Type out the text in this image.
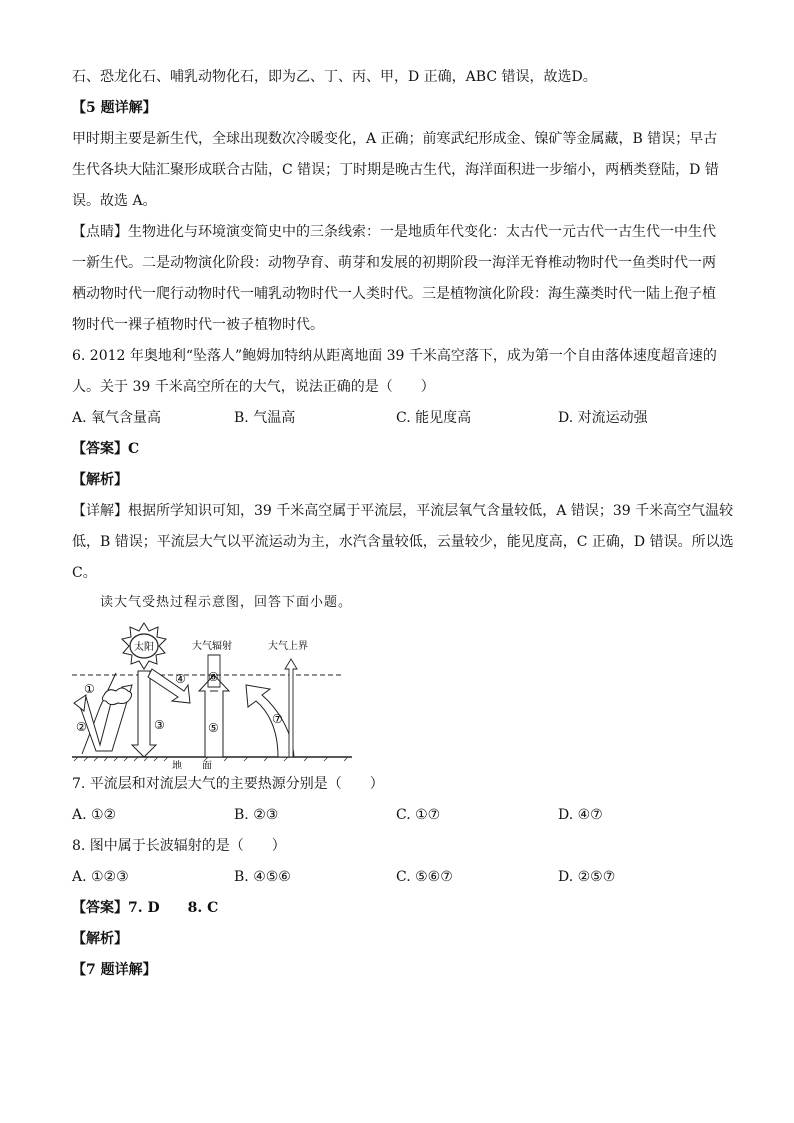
石、恐龙化石、哺乳动物化石，即为乙、丁、丙、甲，D 正确，ABC 错误，故选D。
【5 题详解】
甲时期主要是新生代，全球出现数次冷暖变化，A 正确；前寒武纪形成金、镍矿等金属藏，B 错误；早古
生代各块大陆汇聚形成联合古陆，C 错误；丁时期是晚古生代，海洋面积进一步缩小，两栖类登陆，D 错
误。故选 A。
【点睛】生物进化与环境演变简史中的三条线索：一是地质年代变化：太古代一元古代一古生代一中生代
一新生代。二是动物演化阶段：动物孕育、萌芽和发展的初期阶段一海洋无脊椎动物时代一鱼类时代一两
栖动物时代一爬行动物时代一哺乳动物时代一人类时代。三是植物演化阶段：海生藻类时代一陆上孢子植
物时代一裸子植物时代一被子植物时代。
6. 2012 年奥地利“坠落人”鲍姆加特纳从距离地面 39 千米高空落下，成为第一个自由落体速度超音速的
人。关于 39 千米高空所在的大气，说法正确的是（　　）
A. 氧气含量高	B. 气温高	C. 能见度高	D. 对流运动强
【答案】C
【解析】
【详解】根据所学知识可知，39 千米高空属于平流层，平流层氧气含量较低，A 错误；39 千米高空气温较
低，B 错误；平流层大气以平流运动为主，水汽含量较低，云量较少，能见度高，C 正确，D 错误。所以选
C。
读大气受热过程示意图，回答下面小题。
太阳	大气辐射	大气上界
地　　面
①
②	③
④
⑤
⑥
⑦
7. 平流层和对流层大气的主要热源分别是（　　）
A. ①②	B. ②③	C. ①⑦	D. ④⑦
8. 图中属于长波辐射的是（　　）
A. ①②③	B. ④⑤⑥	C. ⑤⑥⑦	D. ②⑤⑦
【答案】7. D　　8. C
【解析】
【7 题详解】
